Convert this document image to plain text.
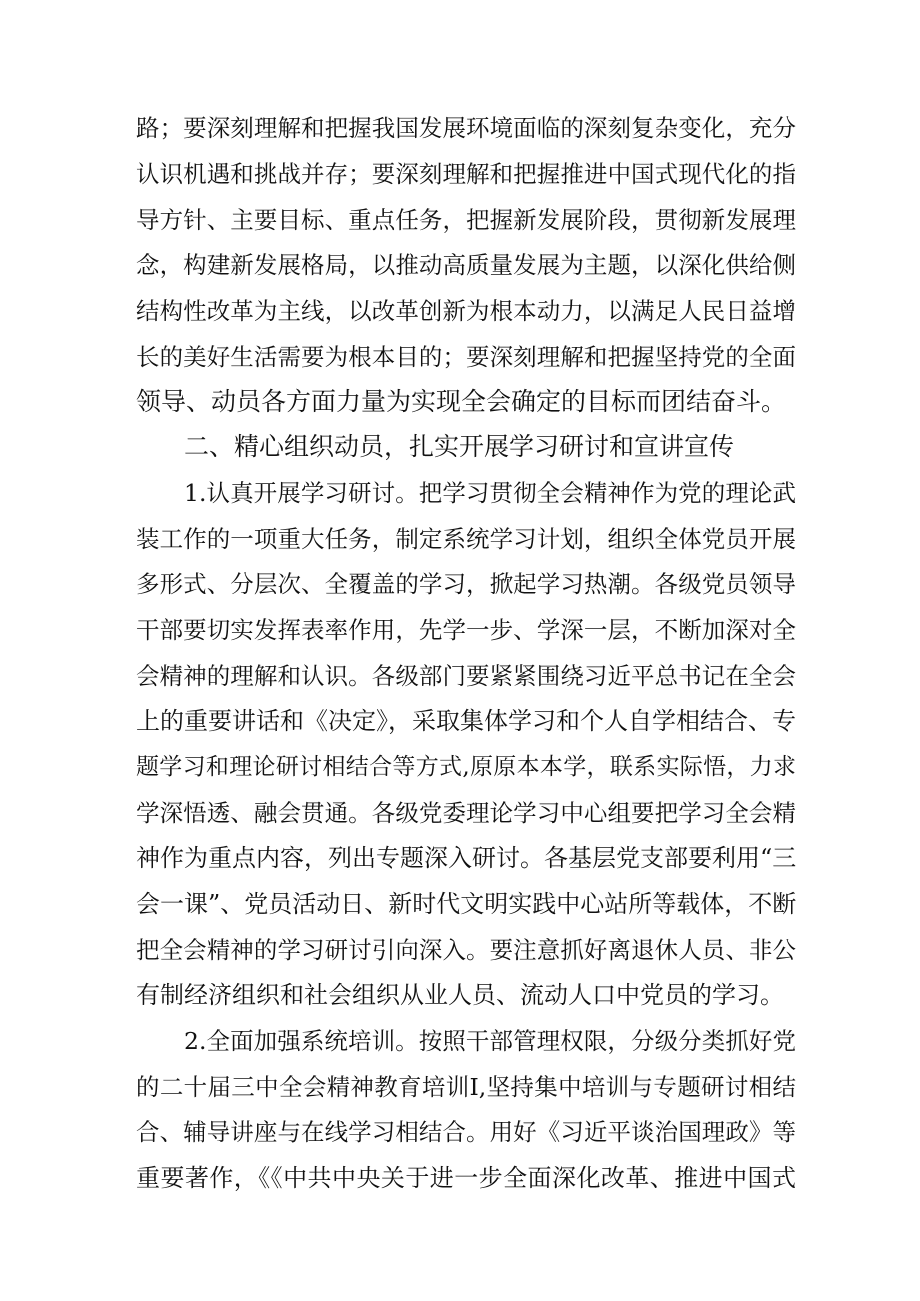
路；要深刻理解和把握我国发展环境面临的深刻复杂变化，充分
认识机遇和挑战并存；要深刻理解和把握推进中国式现代化的指
导方针、主要目标、重点任务，把握新发展阶段，贯彻新发展理
念，构建新发展格局，以推动高质量发展为主题，以深化供给侧
结构性改革为主线，以改革创新为根本动力，以满足人民日益增
长的美好生活需要为根本目的；要深刻理解和把握坚持党的全面
领导、动员各方面力量为实现全会确定的目标而团结奋斗。
二、精心组织动员，扎实开展学习研讨和宣讲宣传
1.认真开展学习研讨。把学习贯彻全会精神作为党的理论武
装工作的一项重大任务，制定系统学习计划，组织全体党员开展
多形式、分层次、全覆盖的学习，掀起学习热潮。各级党员领导
干部要切实发挥表率作用，先学一步、学深一层，不断加深对全
会精神的理解和认识。各级部门要紧紧围绕习近平总书记在全会
上的重要讲话和《决定》，采取集体学习和个人自学相结合、专
题学习和理论研讨相结合等方式,原原本本学，联系实际悟，力求
学深悟透、融会贯通。各级党委理论学习中心组要把学习全会精
神作为重点内容，列出专题深入研讨。各基层党支部要利用“三
会一课”、党员活动日、新时代文明实践中心站所等载体，不断
把全会精神的学习研讨引向深入。要注意抓好离退休人员、非公
有制经济组织和社会组织从业人员、流动人口中党员的学习。
2.全面加强系统培训。按照干部管理权限，分级分类抓好党
的二十届三中全会精神教育培训I,坚持集中培训与专题研讨相结
合、辅导讲座与在线学习相结合。用好《习近平谈治国理政》等
重要著作，《《中共中央关于进一步全面深化改革、推进中国式
